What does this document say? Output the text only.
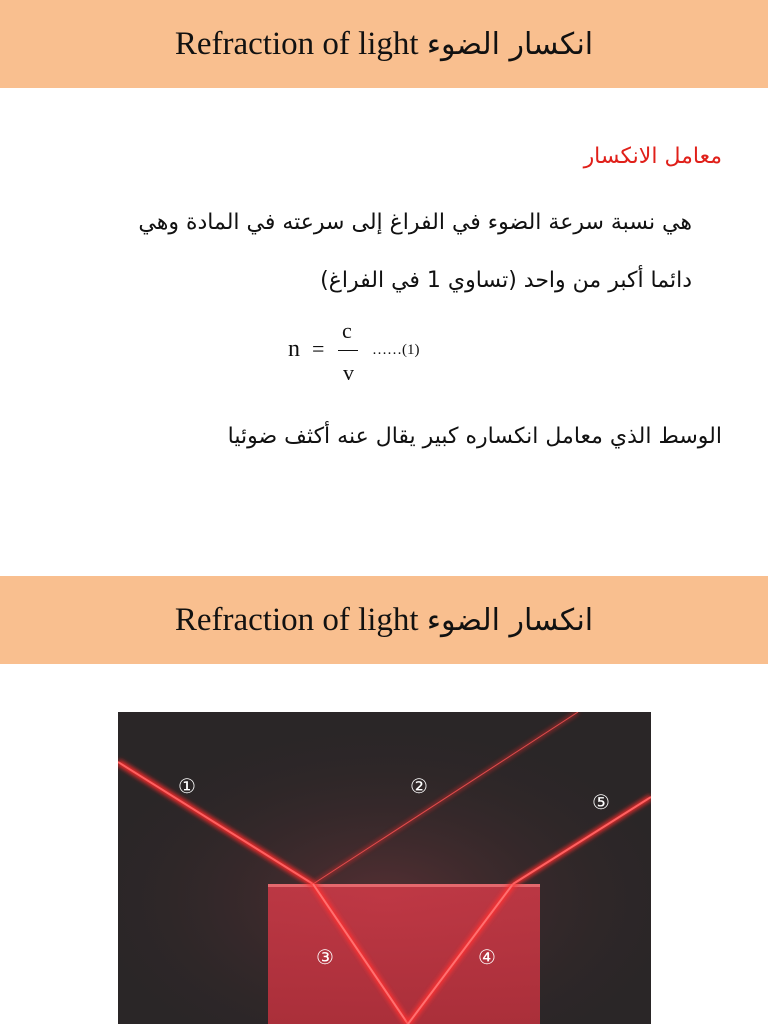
Refraction of light انكسار الضوء
معامل الانكسار
هي نسبة سرعة الضوء في الفراغ إلى سرعته في المادة وهي
دائما أكبر من واحد (تساوي 1 في الفراغ)
n =
c
v
……(1)
الوسط الذي معامل انكساره كبير يقال عنه أكثف ضوئيا
Refraction of light انكسار الضوء
①	②
③	④
⑤
